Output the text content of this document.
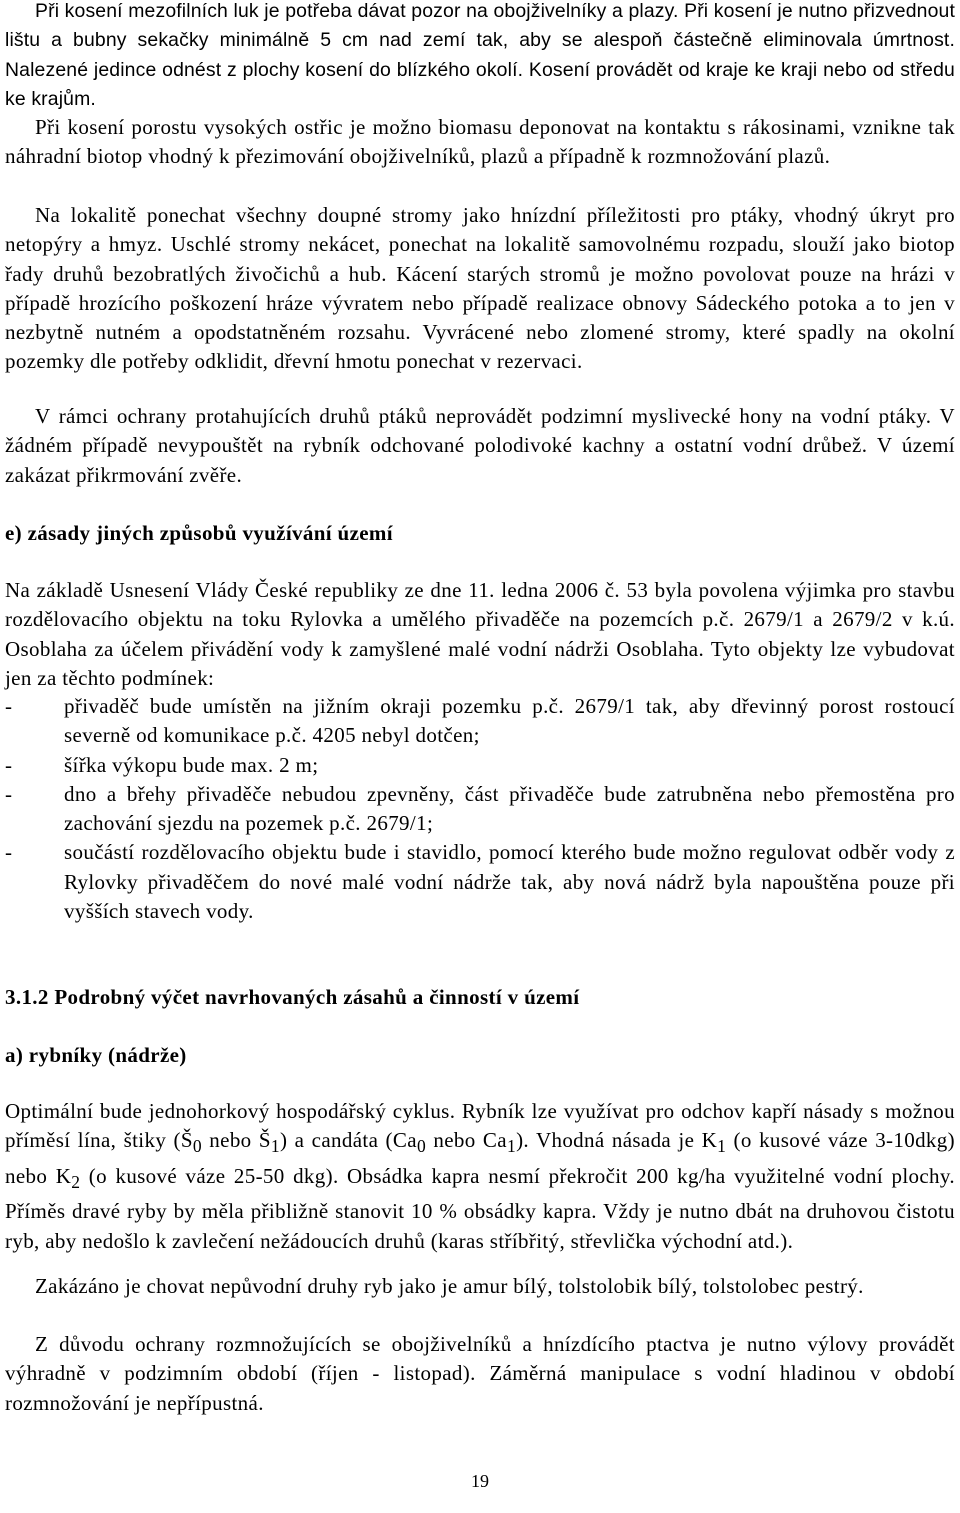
Při kosení mezofilních luk je potřeba dávat pozor na obojživelníky a plazy. Při kosení je nutno přizvednout lištu a bubny sekačky minimálně 5 cm nad zemí tak, aby se alespoň částečně eliminovala úmrtnost. Nalezené jedince odnést z plochy kosení do blízkého okolí. Kosení provádět od kraje ke kraji nebo od středu ke krajům.

Při kosení porostu vysokých ostřic je možno biomasu deponovat na kontaktu s rákosinami, vznikne tak náhradní biotop vhodný k přezimování obojživelníků, plazů a případně k rozmnožování plazů.

Na lokalitě ponechat všechny doupné stromy jako hnízdní příležitosti pro ptáky, vhodný úkryt pro netopýry a hmyz. Uschlé stromy nekácet, ponechat na lokalitě samovolnému rozpadu, slouží jako biotop řady druhů bezobratlých živočichů a hub. Kácení starých stromů je možno povolovat pouze na hrázi v případě hrozícího poškození hráze vývratem nebo případě realizace obnovy Sádeckého potoka a to jen v nezbytně nutném a opodstatněném rozsahu. Vyvrácené nebo zlomené stromy, které spadly na okolní pozemky dle potřeby odklidit, dřevní hmotu ponechat v rezervaci.

V rámci ochrany protahujících druhů ptáků neprovádět podzimní myslivecké hony na vodní ptáky. V žádném případě nevypouštět na rybník odchované polodivoké kachny a ostatní vodní drůbež. V území zakázat přikrmování zvěře.

e) zásady jiných způsobů využívání území

Na základě Usnesení Vlády České republiky ze dne 11. ledna 2006 č. 53 byla povolena výjimka pro stavbu rozdělovacího objektu na toku Rylovka a umělého přivaděče na pozemcích p.č. 2679/1 a 2679/2 v k.ú. Osoblaha za účelem přivádění vody k zamyšlené malé vodní nádrži Osoblaha. Tyto objekty lze vybudovat jen za těchto podmínek:

- přivaděč bude umístěn na jižním okraji pozemku p.č. 2679/1 tak, aby dřevinný porost rostoucí severně od komunikace p.č. 4205 nebyl dotčen;
- šířka výkopu bude max. 2 m;
- dno a břehy přivaděče nebudou zpevněny, část přivaděče bude zatrubněna nebo přemostěna pro zachování sjezdu na pozemek p.č. 2679/1;
- součástí rozdělovacího objektu bude i stavidlo, pomocí kterého bude možno regulovat odběr vody z Rylovky přivaděčem do nové malé vodní nádrže tak, aby nová nádrž byla napouštěna pouze při vyšších stavech vody.
3.1.2 Podrobný výčet navrhovaných zásahů a činností v území
a) rybníky (nádrže)

Optimální bude jednohorkový hospodářský cyklus. Rybník lze využívat pro odchov kapří násady s možnou příměsí lína, štiky ($Š_0$ nebo $Š_1$) a candáta ($Ca_0$ nebo $Ca_1$). Vhodná násada je $K_1$ (o kusové váze 3-10dkg) nebo $K_2$ (o kusové váze 25-50 dkg). Obsádka kapra nesmí překročit 200 kg/ha využitelné vodní plochy. Příměs dravé ryby by měla přibližně stanovit 10 % obsádky kapra. Vždy je nutno dbát na druhovou čistotu ryb, aby nedošlo k zavlečení nežádoucích druhů (karas stříbřitý, střevlička východní atd.).

Zakázáno je chovat nepůvodní druhy ryb jako je amur bílý, tolstolobik bílý, tolstolobec pestrý.

Z důvodu ochrany rozmnožujících se obojživelníků a hnízdícího ptactva je nutno výlovy provádět výhradně v podzimním období (říjen - listopad). Záměrná manipulace s vodní hladinou v období rozmnožování je nepřípustná.

19
